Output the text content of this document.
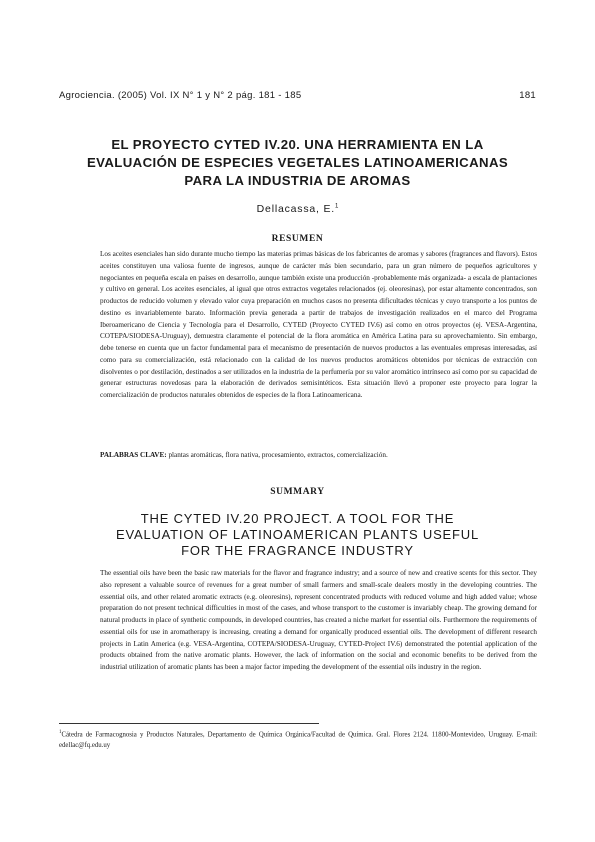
Agrociencia. (2005) Vol. IX N° 1 y N° 2 pág. 181 - 185	181
EL PROYECTO CYTED IV.20. UNA HERRAMIENTA EN LA
EVALUACIÓN DE ESPECIES VEGETALES LATINOAMERICANAS
PARA LA INDUSTRIA DE AROMAS
Dellacassa, E.$^1$
RESUMEN
Los aceites esenciales han sido durante mucho tiempo las materias primas básicas de los fabricantes de aromas y sabores (fragrances and flavors). Estos aceites constituyen una valiosa fuente de ingresos, aunque de carácter más bien secundario, para un gran número de pequeños agricultores y negociantes en pequeña escala en países en desarrollo, aunque también existe una producción -probablemente más organizada- a escala de plantaciones y cultivo en general. Los aceites esenciales, al igual que otros extractos vegetales relacionados (ej. oleoresinas), por estar altamente concentrados, son productos de reducido volumen y elevado valor cuya preparación en muchos casos no presenta dificultades técnicas y cuyo transporte a los puntos de destino es invariablemente barato. Información previa generada a partir de trabajos de investigación realizados en el marco del Programa Iberoamericano de Ciencia y Tecnología para el Desarrollo, CYTED (Proyecto CYTED IV.6) así como en otros proyectos (ej. VESA-Argentina, COTEPA/SIODESA-Uruguay), demuestra claramente el potencial de la flora aromática en América Latina para su aprovechamiento. Sin embargo, debe tenerse en cuenta que un factor fundamental para el mecanismo de presentación de nuevos productos a las eventuales empresas interesadas, así como para su comercialización, está relacionado con la calidad de los nuevos productos aromáticos obtenidos por técnicas de extracción con disolventes o por destilación, destinados a ser utilizados en la industria de la perfumería por su valor aromático intrínseco así como por su capacidad de generar estructuras novedosas para la elaboración de derivados semisintéticos. Esta situación llevó a proponer este proyecto para lograr la comercialización de productos naturales obtenidos de especies de la flora Latinoamericana.
PALABRAS CLAVE: plantas aromáticas, flora nativa, procesamiento, extractos, comercialización.
SUMMARY
THE CYTED IV.20 PROJECT. A TOOL FOR THE
EVALUATION OF LATINOAMERICAN PLANTS USEFUL
FOR THE FRAGRANCE INDUSTRY
The essential oils have been the basic raw materials for the flavor and fragrance industry; and a source of new and creative scents for this sector. They also represent a valuable source of revenues for a great number of small farmers and small-scale dealers mostly in the developing countries. The essential oils, and other related aromatic extracts (e.g. oleoresins), represent concentrated products with reduced volume and high added value; whose preparation do not present technical difficulties in most of the cases, and whose transport to the customer is invariably cheap. The growing demand for natural products in place of synthetic compounds, in developed countries, has created a niche market for essential oils. Furthermore the requirements of essential oils for use in aromatherapy is increasing, creating a demand for organically produced essential oils. The development of different research projects in Latin America (e.g. VESA-Argentina, COTEPA/SIODESA-Uruguay, CYTED-Project IV.6) demonstrated the potential application of the products obtained from the native aromatic plants. However, the lack of information on the social and economic benefits to be derived from the industrial utilization of aromatic plants has been a major factor impeding the development of the essential oils industry in the region.
$^1$Cátedra de Farmacognosia y Productos Naturales, Departamento de Química Orgánica/Facultad de Química. Gral. Flores 2124. 11800-Montevideo, Uruguay. E-mail: edellac@fq.edu.uy
